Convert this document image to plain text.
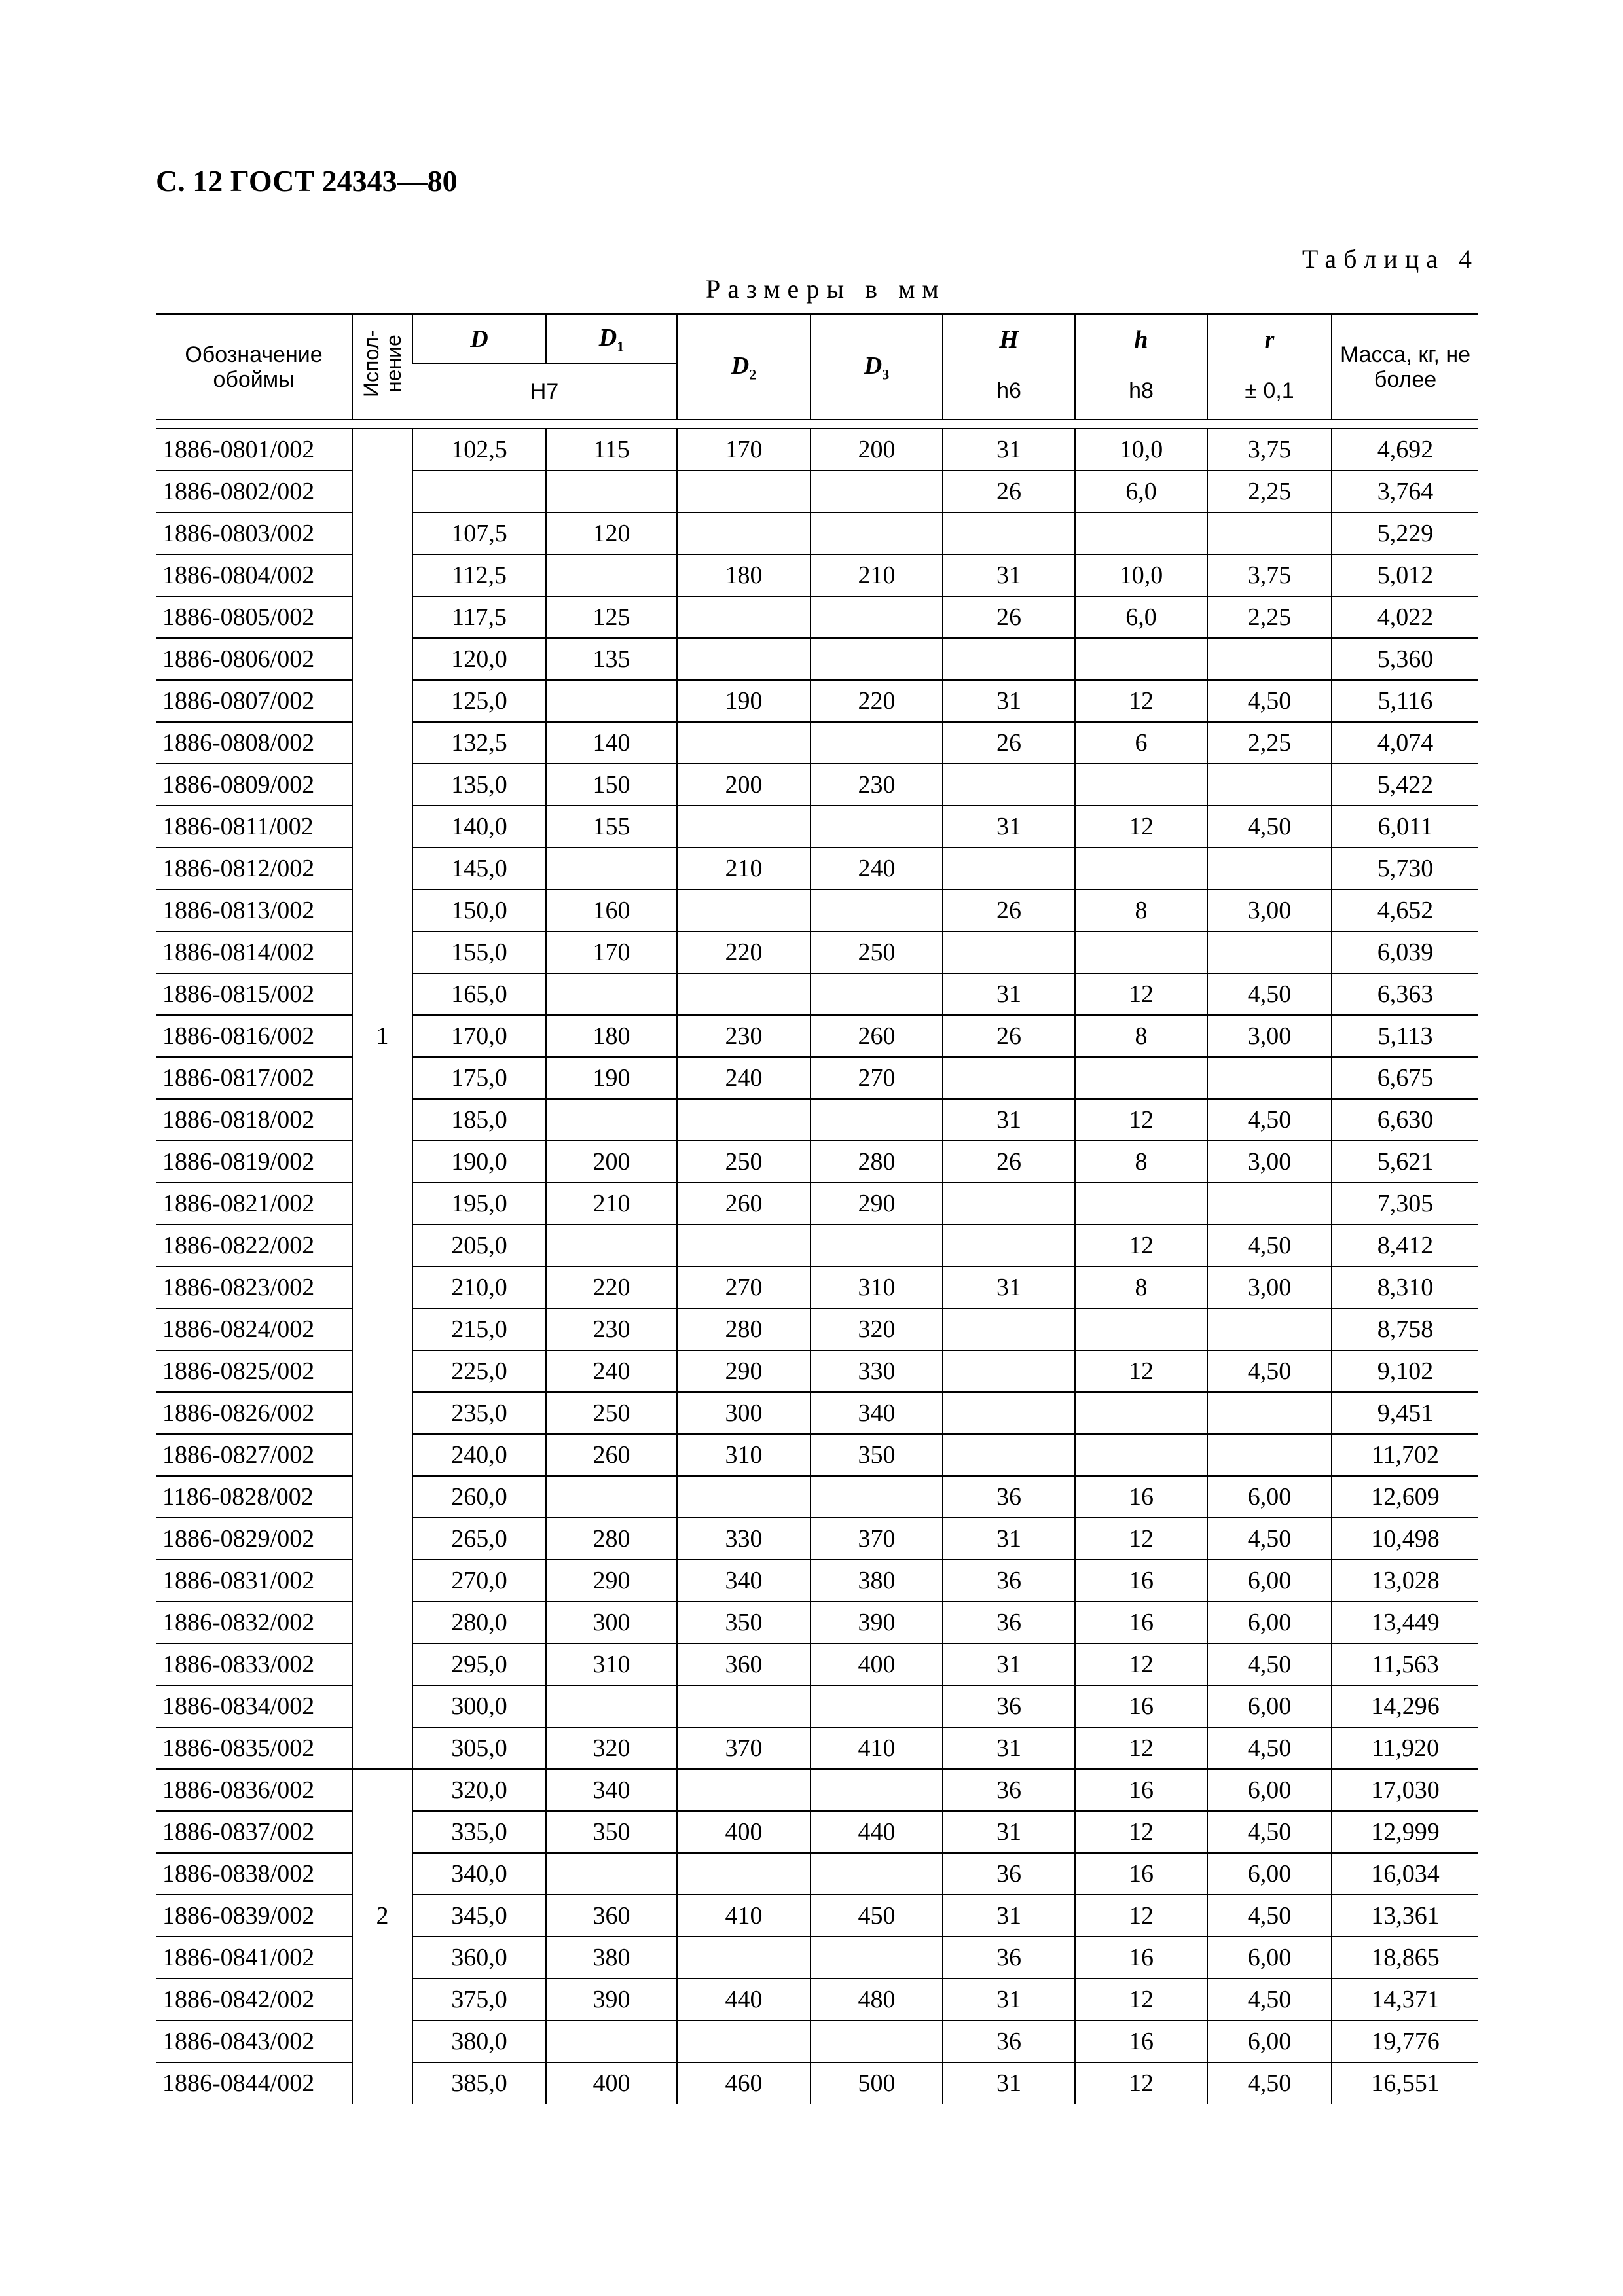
С. 12 ГОСТ 24343—80
Таблица 4
Размеры в мм
Обозначение обоймы	Испол- нение	D	$D_1$	$D_2$	$D_3$	H	h	r	Масса, кг, не более
		H7				h6	h8	± 0,1	

1886-0801/002		102,5	115	170	200	31	10,0	3,75	4,692
1886-0802/002						26	6,0	2,25	3,764
1886-0803/002		107,5	120						5,229
1886-0804/002		112,5		180	210	31	10,0	3,75	5,012
1886-0805/002		117,5	125			26	6,0	2,25	4,022
1886-0806/002		120,0	135						5,360
1886-0807/002		125,0		190	220	31	12	4,50	5,116
1886-0808/002		132,5	140			26	6	2,25	4,074
1886-0809/002		135,0	150	200	230				5,422
1886-0811/002		140,0	155			31	12	4,50	6,011
1886-0812/002		145,0		210	240				5,730
1886-0813/002		150,0	160			26	8	3,00	4,652
1886-0814/002		155,0	170	220	250				6,039
1886-0815/002		165,0				31	12	4,50	6,363
1886-0816/002	1	170,0	180	230	260	26	8	3,00	5,113
1886-0817/002		175,0	190	240	270				6,675
1886-0818/002		185,0				31	12	4,50	6,630
1886-0819/002		190,0	200	250	280	26	8	3,00	5,621
1886-0821/002		195,0	210	260	290				7,305
1886-0822/002		205,0					12	4,50	8,412
1886-0823/002		210,0	220	270	310	31	8	3,00	8,310
1886-0824/002		215,0	230	280	320				8,758
1886-0825/002		225,0	240	290	330		12	4,50	9,102
1886-0826/002		235,0	250	300	340				9,451
1886-0827/002		240,0	260	310	350				11,702
1186-0828/002		260,0				36	16	6,00	12,609
1886-0829/002		265,0	280	330	370	31	12	4,50	10,498
1886-0831/002		270,0	290	340	380	36	16	6,00	13,028
1886-0832/002		280,0	300	350	390	36	16	6,00	13,449
1886-0833/002		295,0	310	360	400	31	12	4,50	11,563
1886-0834/002		300,0				36	16	6,00	14,296
1886-0835/002		305,0	320	370	410	31	12	4,50	11,920
1886-0836/002		320,0	340			36	16	6,00	17,030
1886-0837/002		335,0	350	400	440	31	12	4,50	12,999
1886-0838/002		340,0				36	16	6,00	16,034
1886-0839/002	2	345,0	360	410	450	31	12	4,50	13,361
1886-0841/002		360,0	380			36	16	6,00	18,865
1886-0842/002		375,0	390	440	480	31	12	4,50	14,371
1886-0843/002		380,0				36	16	6,00	19,776
1886-0844/002		385,0	400	460	500	31	12	4,50	16,551
